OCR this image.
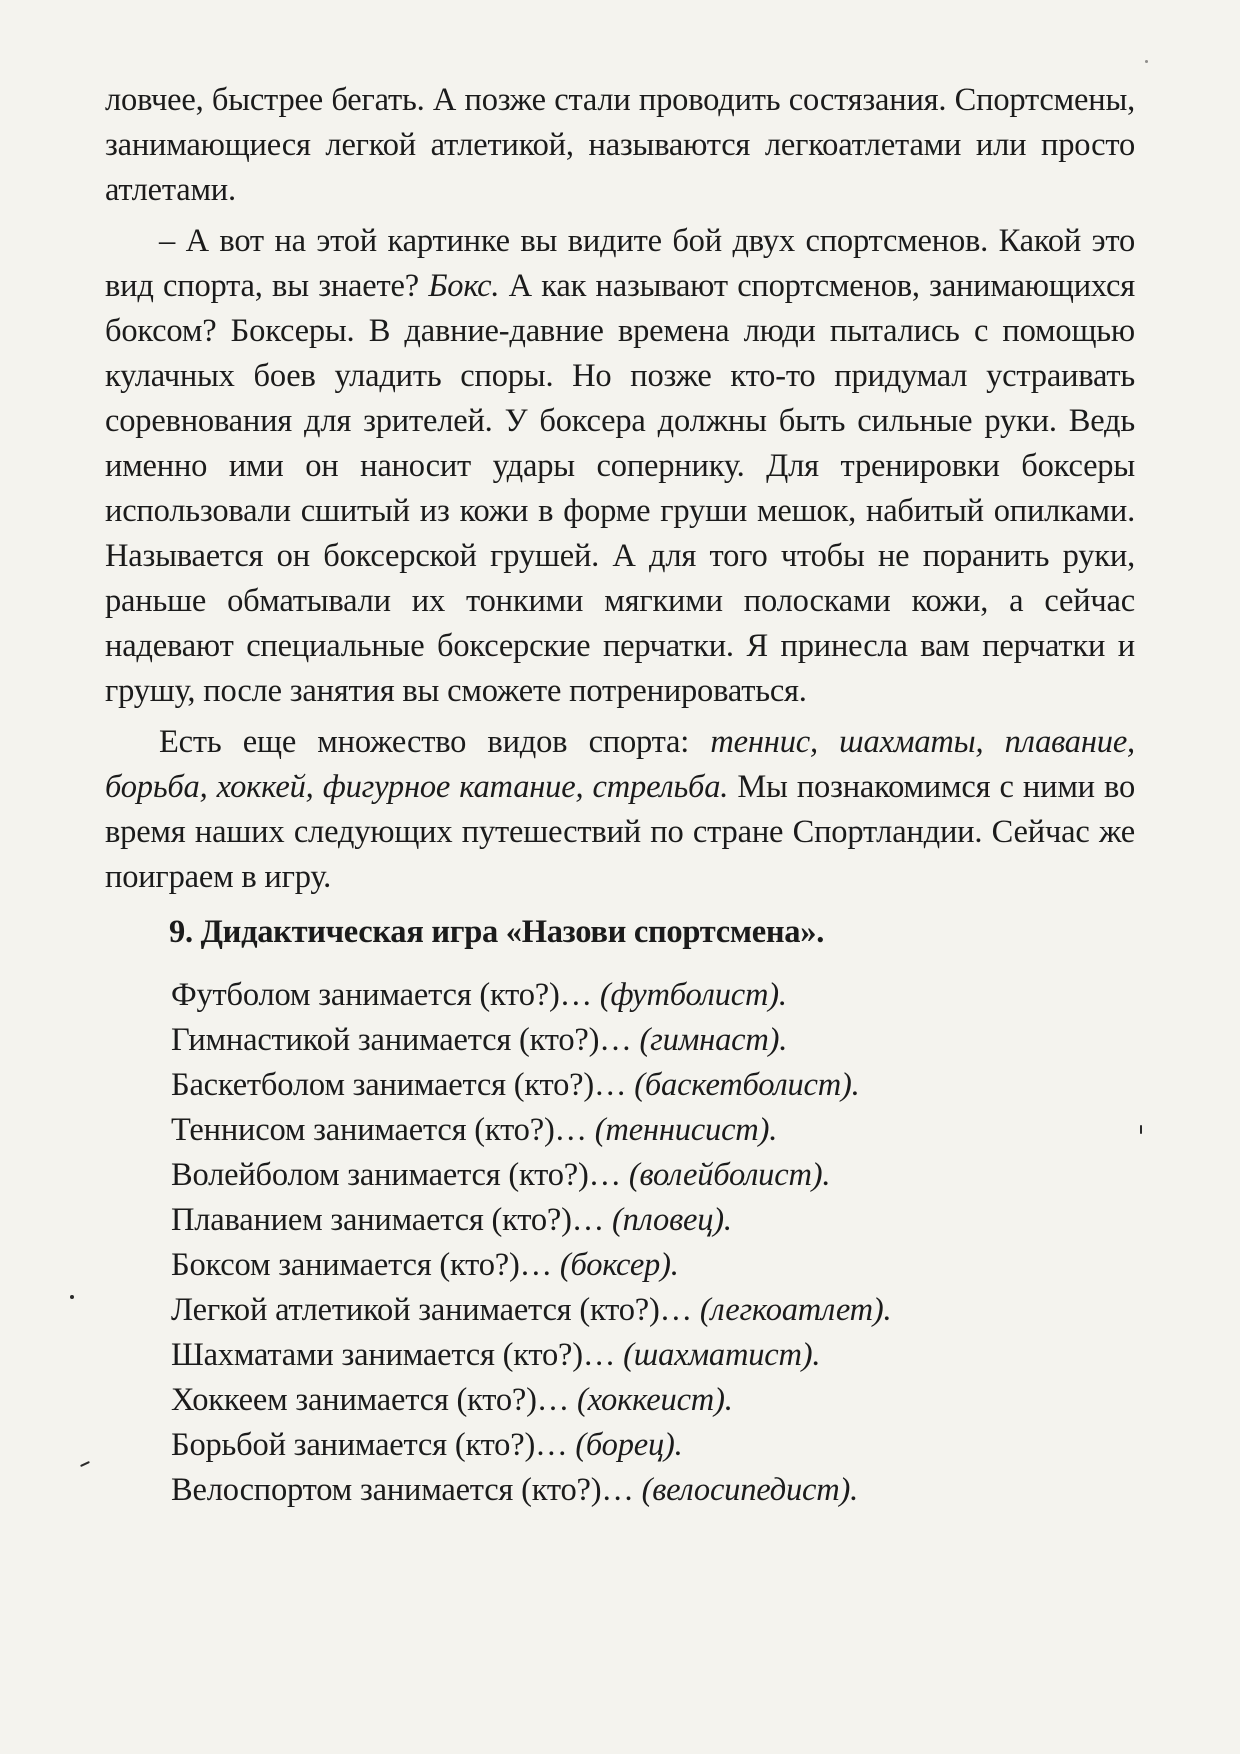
ловчее, быстрее бегать. А позже стали проводить состязания. Спортсмены, занимающиеся легкой атлетикой, называются легкоатлетами или просто атлетами.

– А вот на этой картинке вы видите бой двух спортсменов. Какой это вид спорта, вы знаете? Бокс. А как называют спортсменов, занимающихся боксом? Боксеры. В давние-давние времена люди пытались с помощью кулачных боев уладить споры. Но позже кто-то придумал устраивать соревнования для зрителей. У боксера должны быть сильные руки. Ведь именно ими он наносит удары сопернику. Для тренировки боксеры использовали сшитый из кожи в форме груши мешок, набитый опилками. Называется он боксерской грушей. А для того чтобы не поранить руки, раньше обматывали их тонкими мягкими полосками кожи, а сейчас надевают специальные боксерские перчатки. Я принесла вам перчатки и грушу, после занятия вы сможете потренироваться.

Есть еще множество видов спорта: теннис, шахматы, плавание, борьба, хоккей, фигурное катание, стрельба. Мы познакомимся с ними во время наших следующих путешествий по стране Спортландии. Сейчас же поиграем в игру.

9. Дидактическая игра «Назови спортсмена».
Футболом занимается (кто?)… (футболист).
Гимнастикой занимается (кто?)… (гимнаст).
Баскетболом занимается (кто?)… (баскетболист).
Теннисом занимается (кто?)… (теннисист).
Волейболом занимается (кто?)… (волейболист).
Плаванием занимается (кто?)… (пловец).
Боксом занимается (кто?)… (боксер).
Легкой атлетикой занимается (кто?)… (легкоатлет).
Шахматами занимается (кто?)… (шахматист).
Хоккеем занимается (кто?)… (хоккеист).
Борьбой занимается (кто?)… (борец).
Велоспортом занимается (кто?)… (велосипедист).
